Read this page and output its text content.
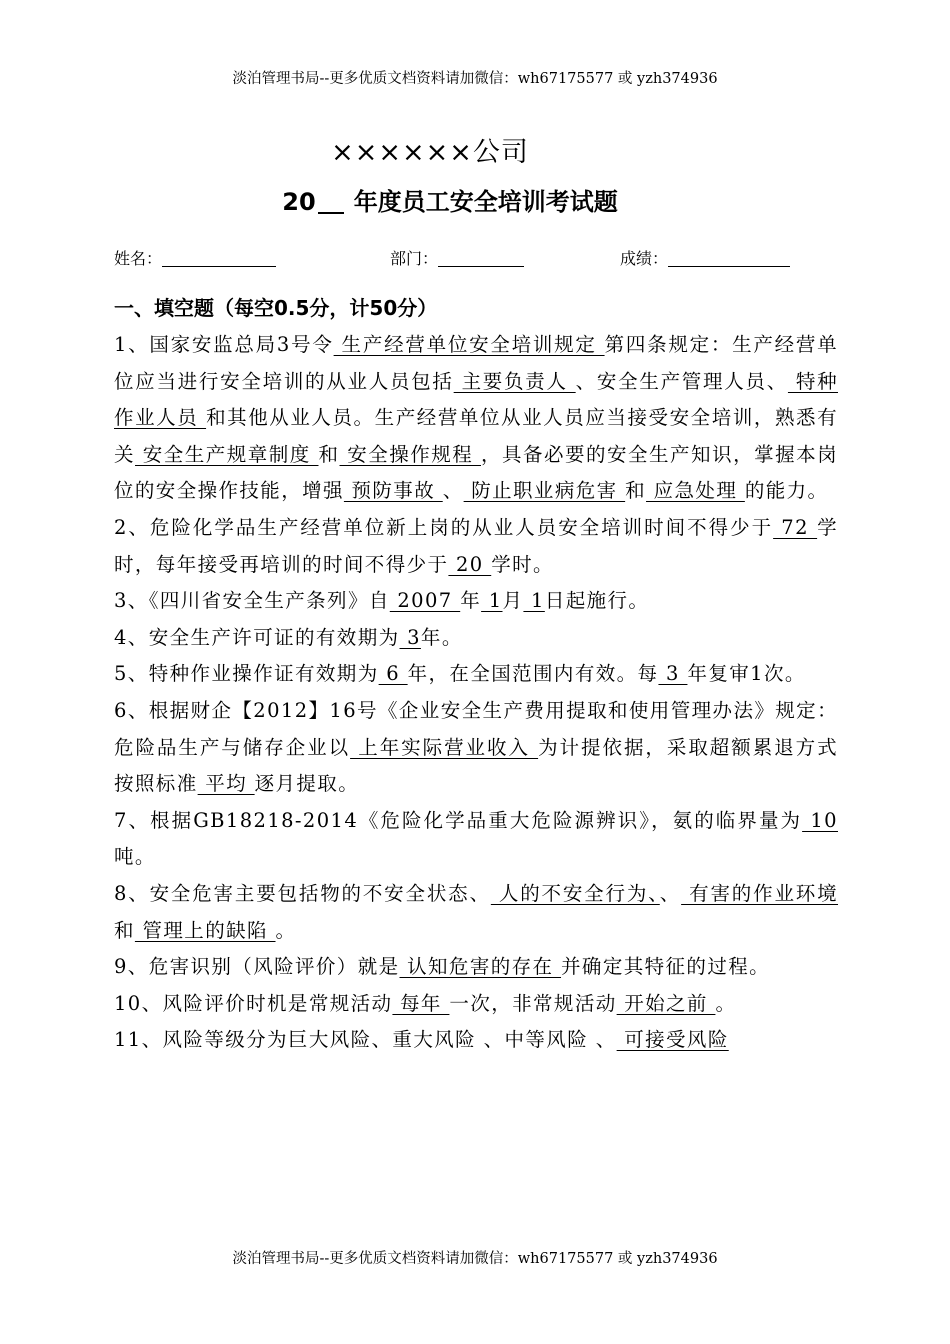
淡泊管理书局--更多优质文档资料请加微信：wh67175577 或 yzh374936
××××××公司
20 年度员工安全培训考试题
姓名：	部门：	成绩：
一、填空题（每空0.5分，计50分）

1、国家安监总局3号令 生产经营单位安全培训规定 第四条规定：生产经营单位应当进行安全培训的从业人员包括 主要负责人 、安全生产管理人员、 特种作业人员 和其他从业人员。生产经营单位从业人员应当接受安全培训，熟悉有关 安全生产规章制度 和 安全操作规程 ，具备必要的安全生产知识，掌握本岗位的安全操作技能，增强 预防事故 、 防止职业病危害 和 应急处理 的能力。

2、危险化学品生产经营单位新上岗的从业人员安全培训时间不得少于 72 学时，每年接受再培训的时间不得少于 20 学时。

3、《四川省安全生产条列》自 2007 年 1月 1日起施行。

4、安全生产许可证的有效期为 3年。

5、特种作业操作证有效期为 6 年，在全国范围内有效。每 3 年复审1次。

6、根据财企【2012】16号《企业安全生产费用提取和使用管理办法》规定：危险品生产与储存企业以 上年实际营业收入 为计提依据，采取超额累退方式按照标准 平均 逐月提取。

7、根据GB18218-2014《危险化学品重大危险源辨识》，氨的临界量为 10 吨。

8、安全危害主要包括物的不安全状态、 人的不安全行为、、 有害的作业环境 和 管理上的缺陷 。

9、危害识别（风险评价）就是 认知危害的存在 并确定其特征的过程。

10、风险评价时机是常规活动 每年 一次，非常规活动 开始之前 。

11、风险等级分为巨大风险、重大风险 、中等风险 、 可接受风险

淡泊管理书局--更多优质文档资料请加微信：wh67175577 或 yzh374936
